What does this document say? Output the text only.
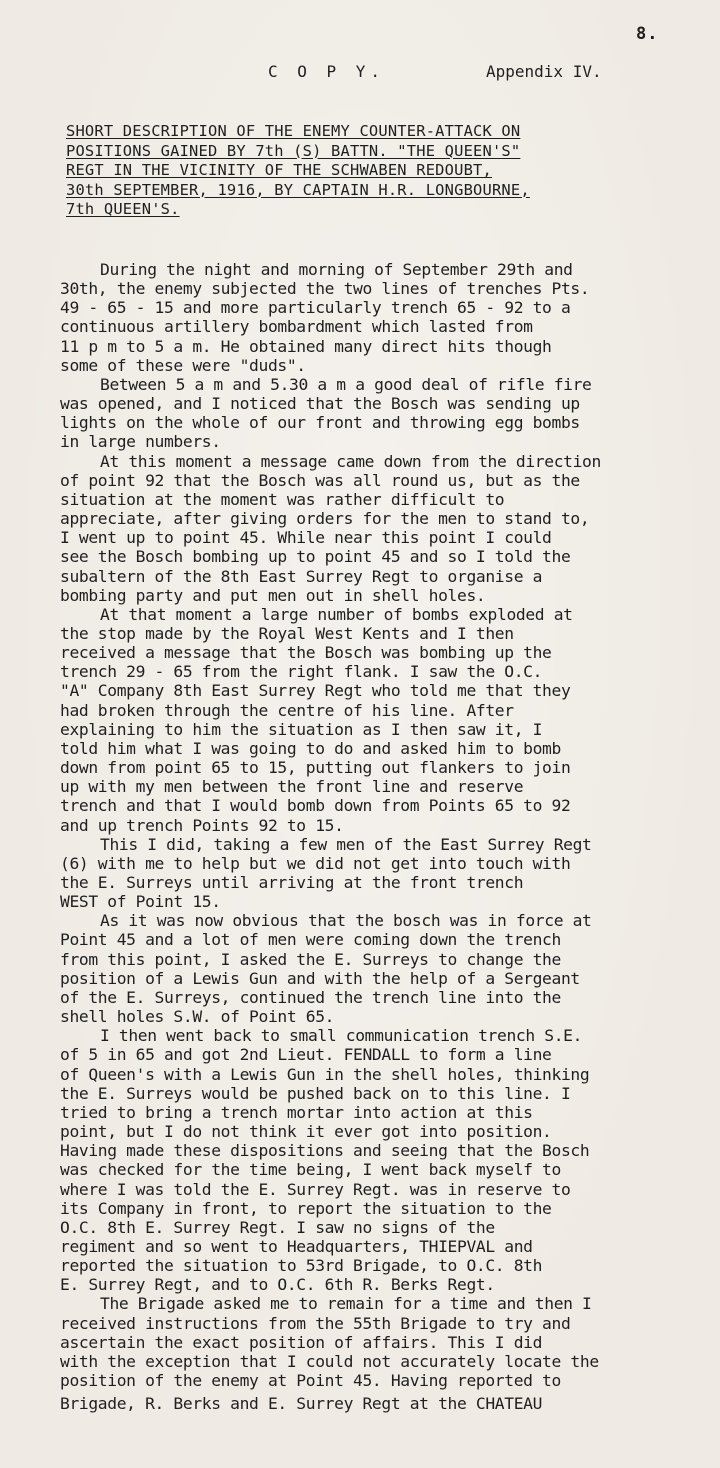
8.
C O P Y.	Appendix IV.
SHORT DESCRIPTION OF THE ENEMY COUNTER-ATTACK ON
POSITIONS GAINED BY 7th (S) BATTN. "THE QUEEN'S"
REGT IN THE VICINITY OF THE SCHWABEN REDOUBT,
30th SEPTEMBER, 1916, BY CAPTAIN H.R. LONGBOURNE,
7th QUEEN'S.
During the night and morning of September 29th and
30th, the enemy subjected the two lines of trenches Pts.
49 - 65 - 15 and more particularly trench 65 - 92 to a
continuous artillery bombardment which lasted from
11 p m to 5 a m. He obtained many direct hits though
some of these were "duds".
Between 5 a m and 5.30 a m a good deal of rifle fire
was opened, and I noticed that the Bosch was sending up
lights on the whole of our front and throwing egg bombs
in large numbers.
At this moment a message came down from the direction
of point 92 that the Bosch was all round us, but as the
situation at the moment was rather difficult to
appreciate, after giving orders for the men to stand to,
I went up to point 45. While near this point I could
see the Bosch bombing up to point 45 and so I told the
subaltern of the 8th East Surrey Regt to organise a
bombing party and put men out in shell holes.
At that moment a large number of bombs exploded at
the stop made by the Royal West Kents and I then
received a message that the Bosch was bombing up the
trench 29 - 65 from the right flank. I saw the O.C.
"A" Company 8th East Surrey Regt who told me that they
had broken through the centre of his line. After
explaining to him the situation as I then saw it, I
told him what I was going to do and asked him to bomb
down from point 65 to 15, putting out flankers to join
up with my men between the front line and reserve
trench and that I would bomb down from Points 65 to 92
and up trench Points 92 to 15.
This I did, taking a few men of the East Surrey Regt
(6) with me to help but we did not get into touch with
the E. Surreys until arriving at the front trench
WEST of Point 15.
As it was now obvious that the bosch was in force at
Point 45 and a lot of men were coming down the trench
from this point, I asked the E. Surreys to change the
position of a Lewis Gun and with the help of a Sergeant
of the E. Surreys, continued the trench line into the
shell holes S.W. of Point 65.
I then went back to small communication trench S.E.
of 5 in 65 and got 2nd Lieut. FENDALL to form a line
of Queen's with a Lewis Gun in the shell holes, thinking
the E. Surreys would be pushed back on to this line. I
tried to bring a trench mortar into action at this
point, but I do not think it ever got into position.
Having made these dispositions and seeing that the Bosch
was checked for the time being, I went back myself to
where I was told the E. Surrey Regt. was in reserve to
its Company in front, to report the situation to the
O.C. 8th E. Surrey Regt. I saw no signs of the
regiment and so went to Headquarters, THIEPVAL and
reported the situation to 53rd Brigade, to O.C. 8th
E. Surrey Regt, and to O.C. 6th R. Berks Regt.
The Brigade asked me to remain for a time and then I
received instructions from the 55th Brigade to try and
ascertain the exact position of affairs. This I did
with the exception that I could not accurately locate the
position of the enemy at Point 45. Having reported to
Brigade, R. Berks and E. Surrey Regt at the CHATEAU
